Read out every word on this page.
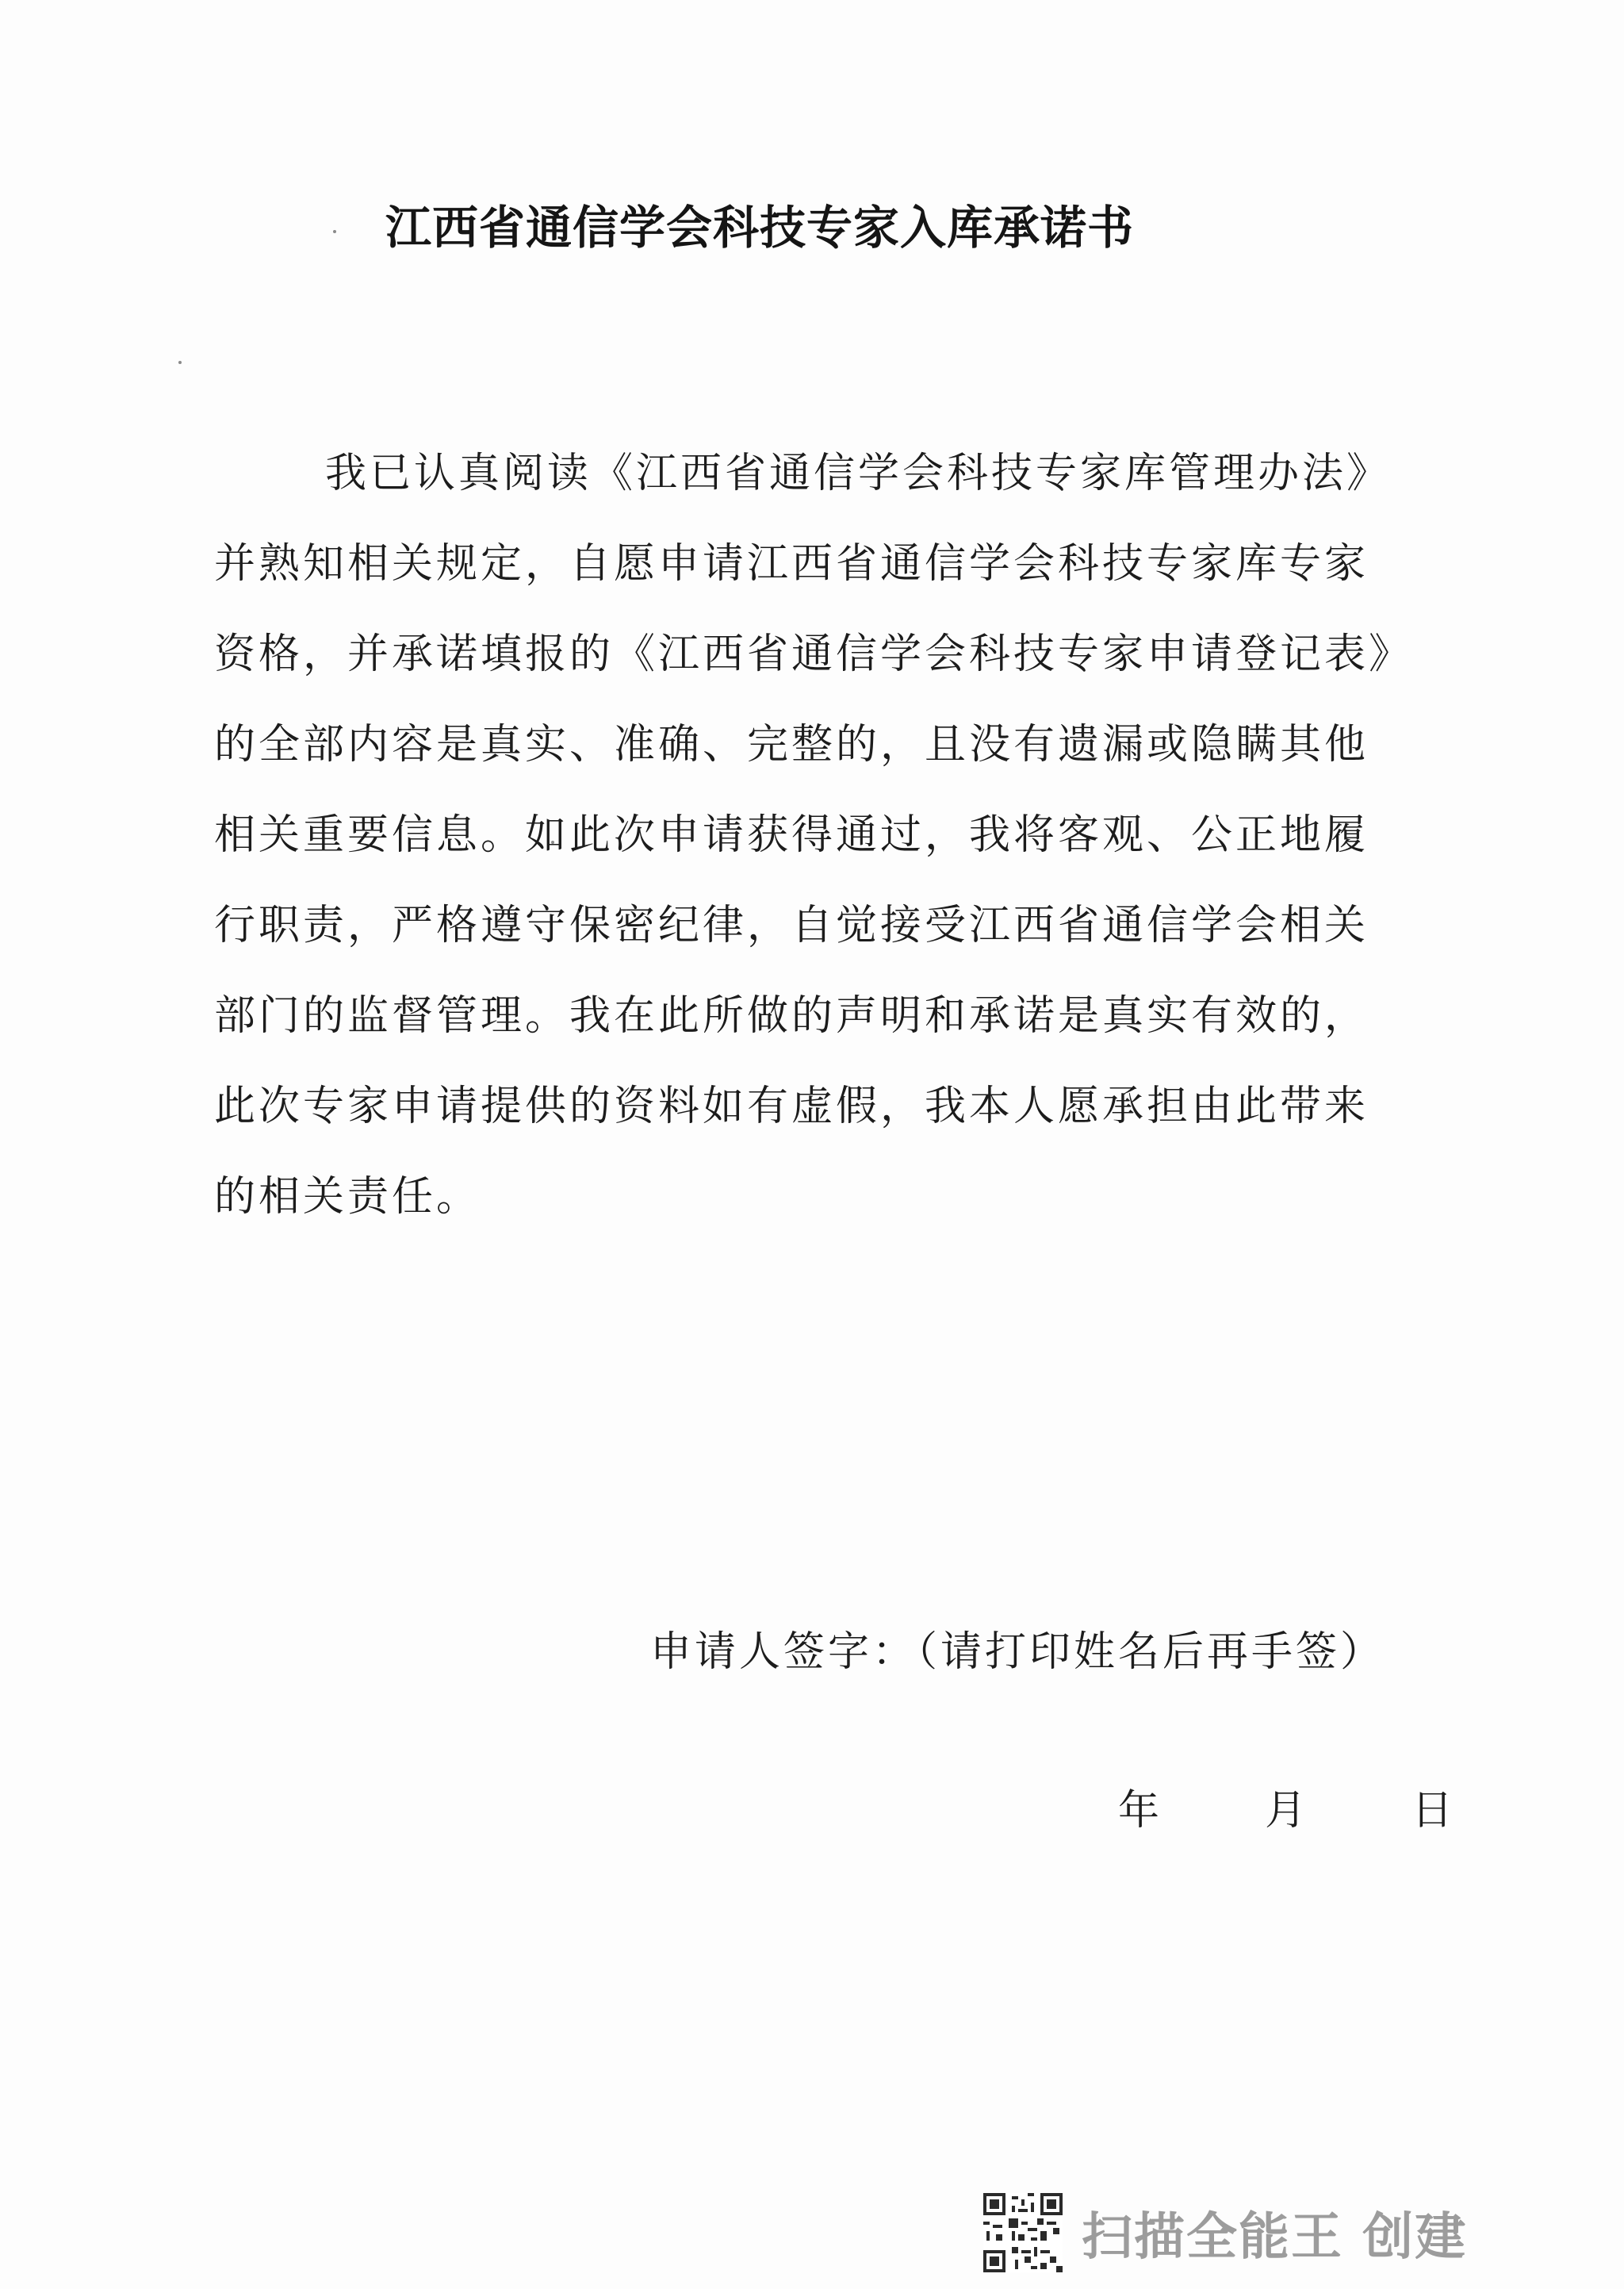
江西省通信学会科技专家入库承诺书
我已认真阅读《江西省通信学会科技专家库管理办法》
并熟知相关规定，自愿申请江西省通信学会科技专家库专家
资格，并承诺填报的《江西省通信学会科技专家申请登记表》
的全部内容是真实、准确、完整的，且没有遗漏或隐瞒其他
相关重要信息。如此次申请获得通过，我将客观、公正地履
行职责，严格遵守保密纪律，自觉接受江西省通信学会相关
部门的监督管理。我在此所做的声明和承诺是真实有效的，
此次专家申请提供的资料如有虚假，我本人愿承担由此带来
的相关责任。
申请人签字：（请打印姓名后再手签）
年	月	日
扫描全能王 创建
